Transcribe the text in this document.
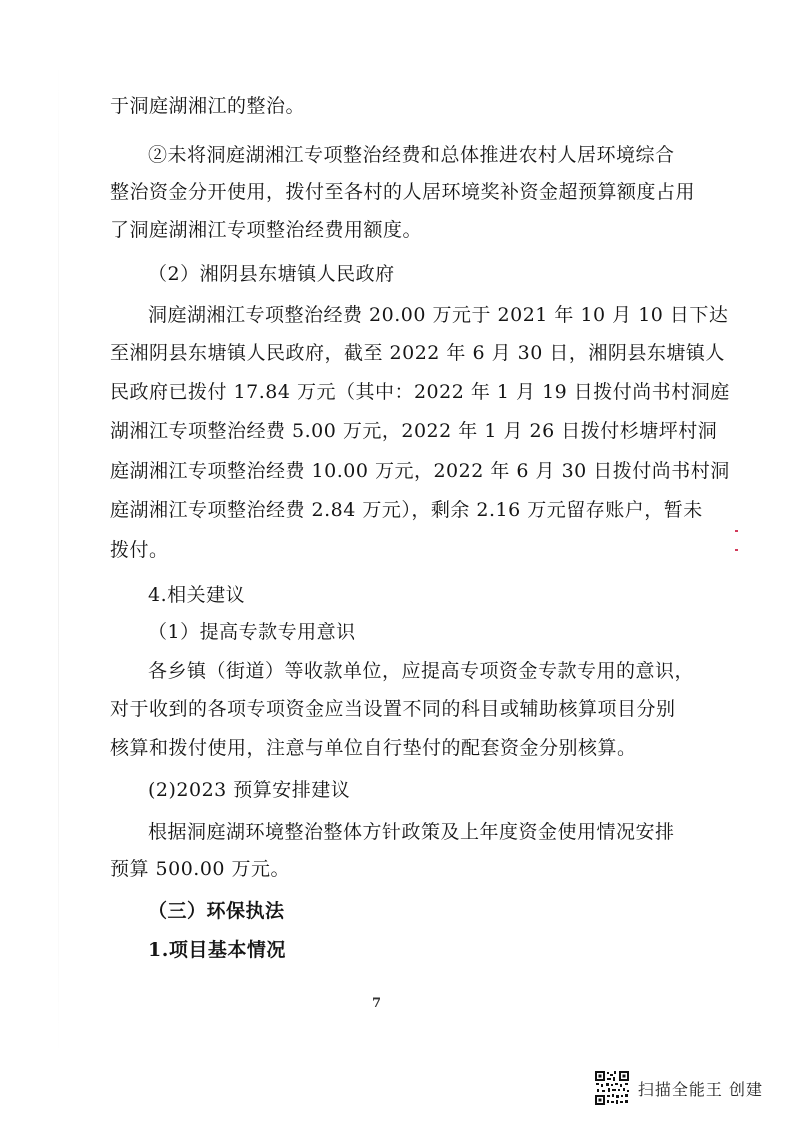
于洞庭湖湘江的整治。
②未将洞庭湖湘江专项整治经费和总体推进农村人居环境综合
整治资金分开使用，拨付至各村的人居环境奖补资金超预算额度占用
了洞庭湖湘江专项整治经费用额度。
（2）湘阴县东塘镇人民政府
洞庭湖湘江专项整治经费 20.00 万元于 2021 年 10 月 10 日下达
至湘阴县东塘镇人民政府，截至 2022 年 6 月 30 日，湘阴县东塘镇人
民政府已拨付 17.84 万元（其中：2022 年 1 月 19 日拨付尚书村洞庭
湖湘江专项整治经费 5.00 万元，2022 年 1 月 26 日拨付杉塘坪村洞
庭湖湘江专项整治经费 10.00 万元，2022 年 6 月 30 日拨付尚书村洞
庭湖湘江专项整治经费 2.84 万元），剩余 2.16 万元留存账户，暂未
拨付。
4.相关建议
（1）提高专款专用意识
各乡镇（街道）等收款单位，应提高专项资金专款专用的意识，
对于收到的各项专项资金应当设置不同的科目或辅助核算项目分别
核算和拨付使用，注意与单位自行垫付的配套资金分别核算。
(2)2023 预算安排建议
根据洞庭湖环境整治整体方针政策及上年度资金使用情况安排
预算 500.00 万元。
（三）环保执法
1.项目基本情况
7
扫描全能王 创建
